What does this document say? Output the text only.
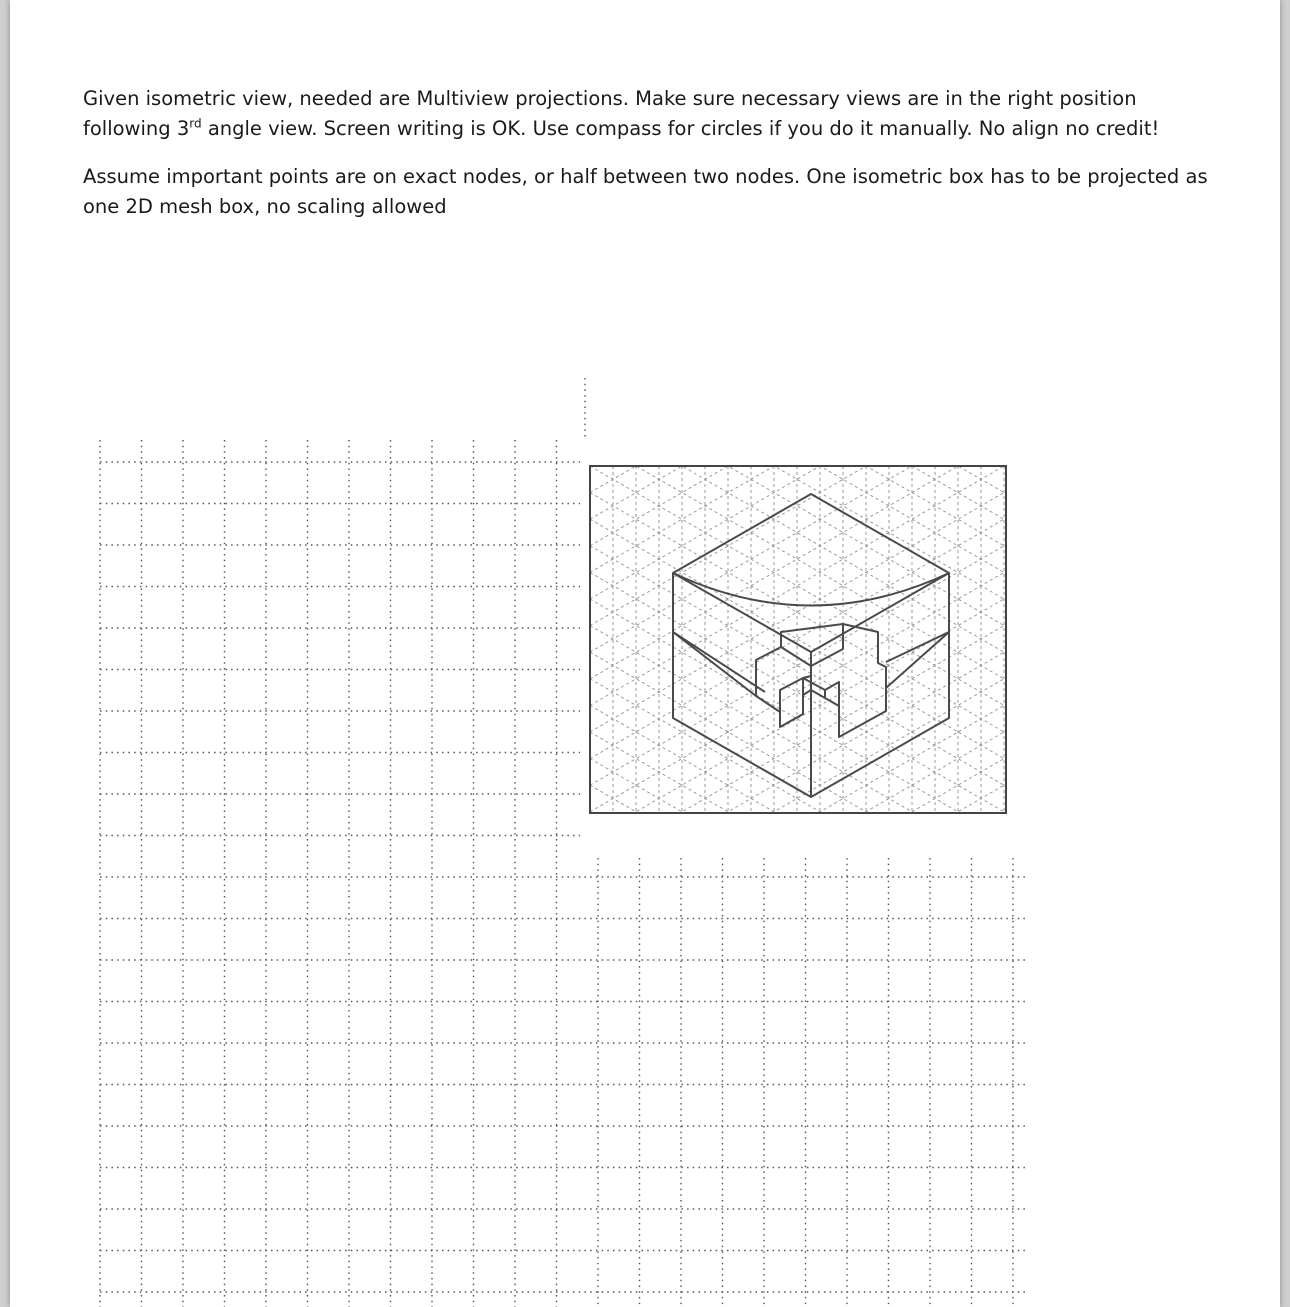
Given isometric view, needed are Multiview projections. Make sure necessary views are in the right position following 3rd angle view. Screen writing is OK. Use compass for circles if you do it manually. No align no credit!

Assume important points are on exact nodes, or half between two nodes. One isometric box has to be projected as one 2D mesh box, no scaling allowed
